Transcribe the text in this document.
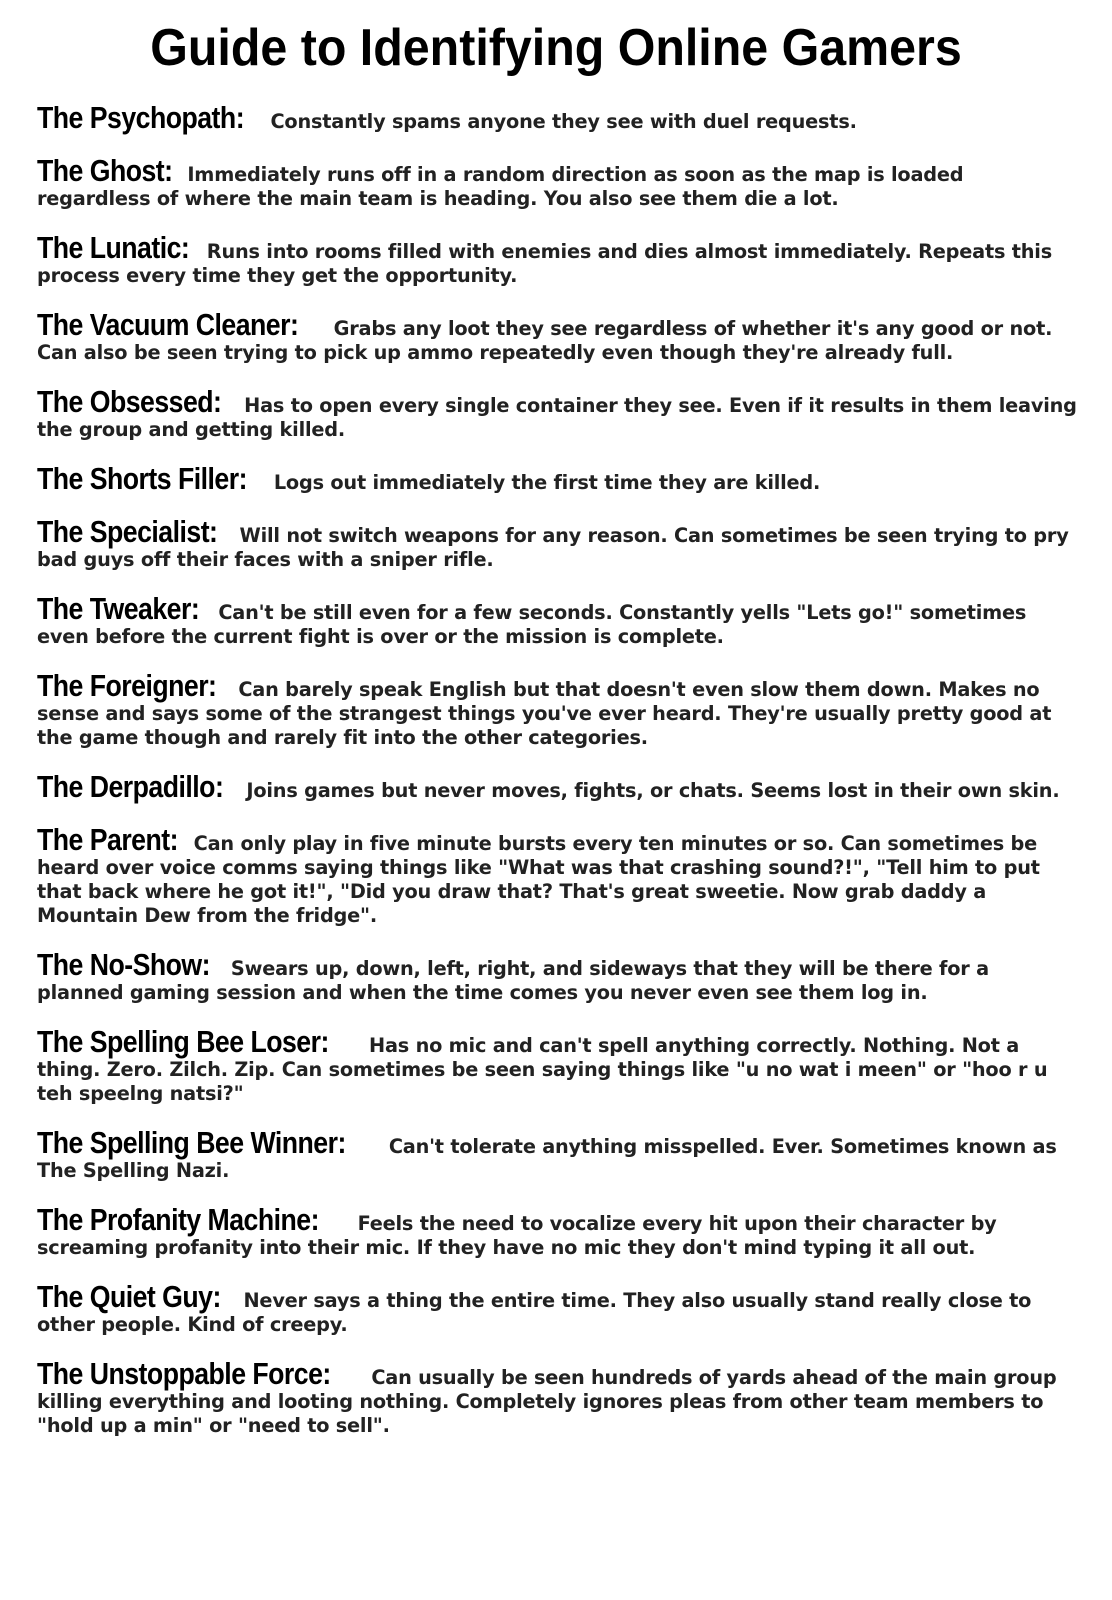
Guide to Identifying Online Gamers

The Psychopath: Constantly spams anyone they see with duel requests.

The Ghost: Immediately runs off in a random direction as soon as the map is loaded regardless of where the main team is heading. You also see them die a lot.

The Lunatic: Runs into rooms filled with enemies and dies almost immediately. Repeats this process every time they get the opportunity.

The Vacuum Cleaner: Grabs any loot they see regardless of whether it's any good or not. Can also be seen trying to pick up ammo repeatedly even though they're already full.

The Obsessed: Has to open every single container they see. Even if it results in them leaving the group and getting killed.

The Shorts Filler: Logs out immediately the first time they are killed.

The Specialist: Will not switch weapons for any reason. Can sometimes be seen trying to pry bad guys off their faces with a sniper rifle.

The Tweaker: Can't be still even for a few seconds. Constantly yells "Lets go!" sometimes even before the current fight is over or the mission is complete.

The Foreigner: Can barely speak English but that doesn't even slow them down. Makes no sense and says some of the strangest things you've ever heard. They're usually pretty good at the game though and rarely fit into the other categories.

The Derpadillo: Joins games but never moves, fights, or chats. Seems lost in their own skin.

The Parent: Can only play in five minute bursts every ten minutes or so. Can sometimes be heard over voice comms saying things like "What was that crashing sound?!", "Tell him to put that back where he got it!", "Did you draw that? That's great sweetie. Now grab daddy a Mountain Dew from the fridge".

The No-Show: Swears up, down, left, right, and sideways that they will be there for a planned gaming session and when the time comes you never even see them log in.

The Spelling Bee Loser: Has no mic and can't spell anything correctly. Nothing. Not a thing. Zero. Zilch. Zip. Can sometimes be seen saying things like "u no wat i meen" or "hoo r u teh speelng natsi?"

The Spelling Bee Winner: Can't tolerate anything misspelled. Ever. Sometimes known as The Spelling Nazi.

The Profanity Machine: Feels the need to vocalize every hit upon their character by screaming profanity into their mic. If they have no mic they don't mind typing it all out.

The Quiet Guy: Never says a thing the entire time. They also usually stand really close to other people. Kind of creepy.

The Unstoppable Force: Can usually be seen hundreds of yards ahead of the main group killing everything and looting nothing. Completely ignores pleas from other team members to "hold up a min" or "need to sell".
